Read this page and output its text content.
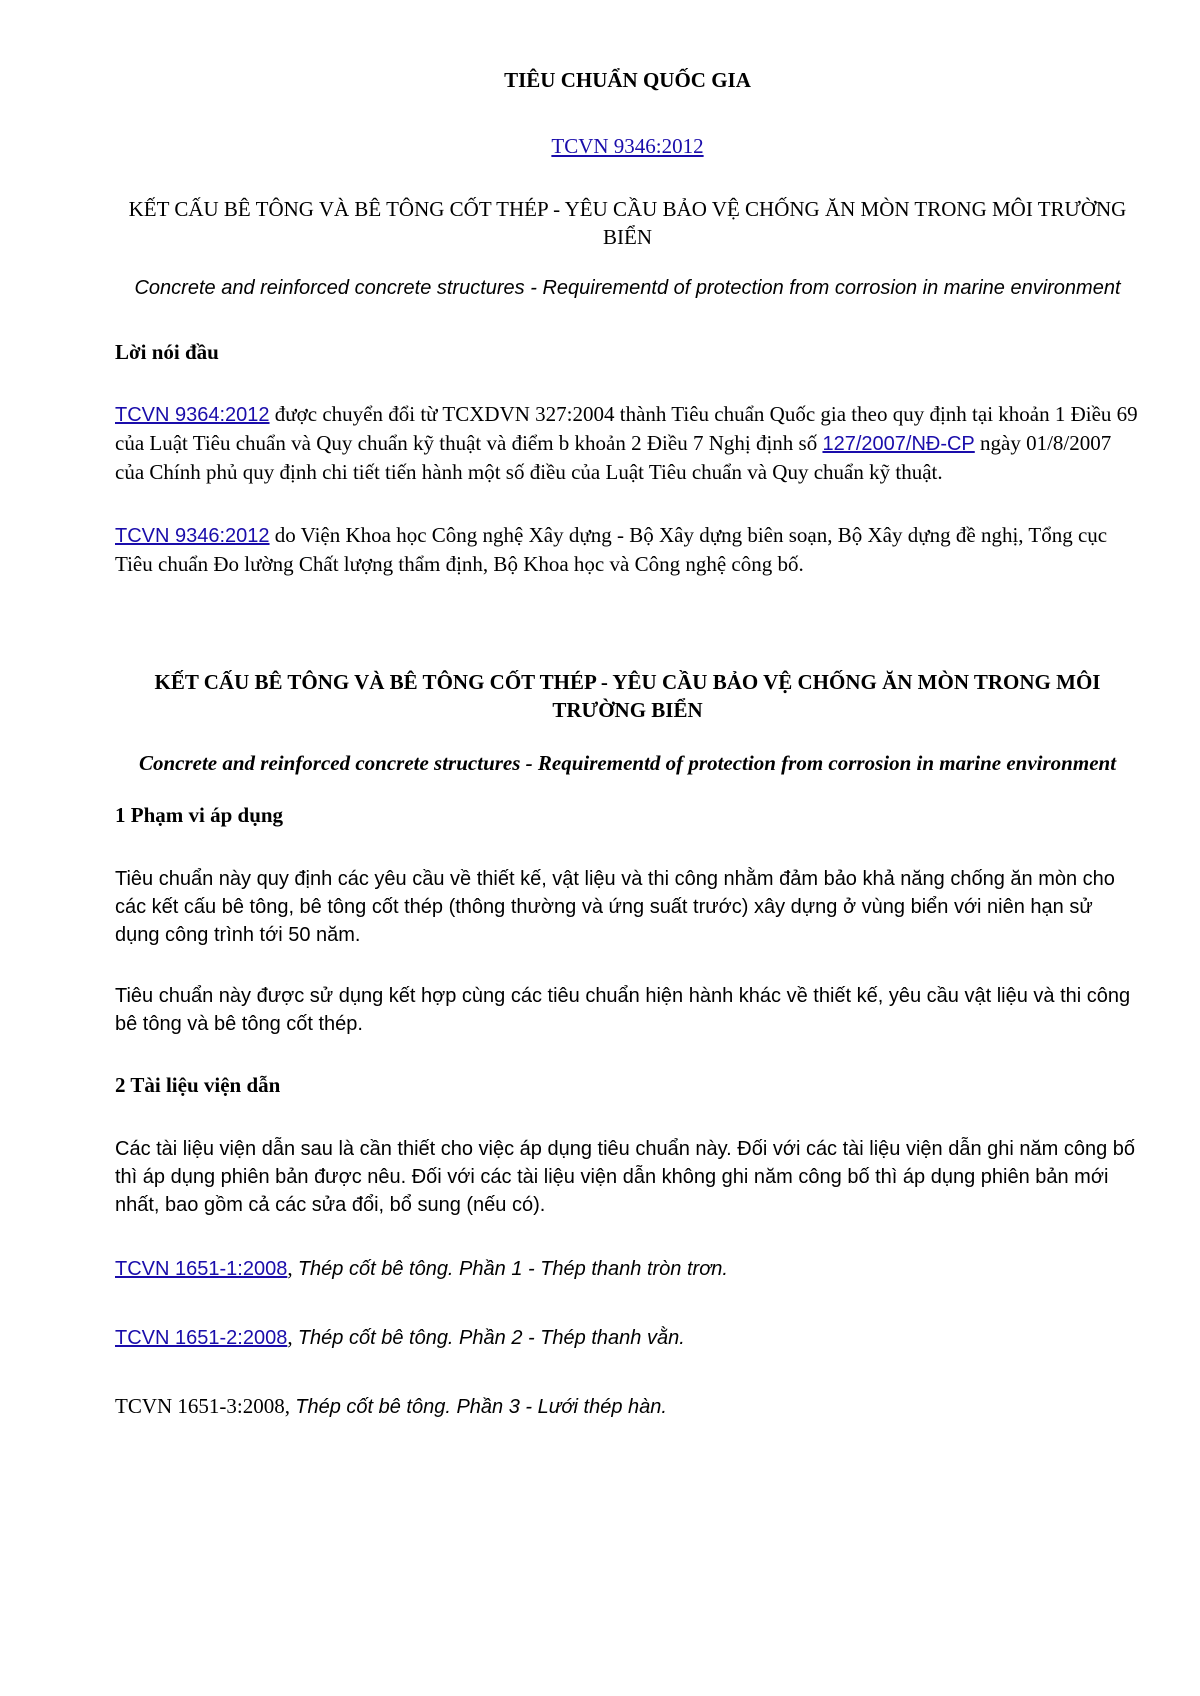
TIÊU CHUẨN QUỐC GIA

TCVN 9346:2012

KẾT CẤU BÊ TÔNG VÀ BÊ TÔNG CỐT THÉP - YÊU CẦU BẢO VỆ CHỐNG ĂN MÒN TRONG MÔI TRƯỜNG BIỂN

Concrete and reinforced concrete structures - Requirementd of protection from corrosion in marine environment

Lời nói đầu

TCVN 9364:2012 được chuyển đổi từ TCXDVN 327:2004 thành Tiêu chuẩn Quốc gia theo quy định tại khoản 1 Điều 69 của Luật Tiêu chuẩn và Quy chuẩn kỹ thuật và điểm b khoản 2 Điều 7 Nghị định số 127/2007/NĐ-CP ngày 01/8/2007 của Chính phủ quy định chi tiết tiến hành một số điều của Luật Tiêu chuẩn và Quy chuẩn kỹ thuật.

TCVN 9346:2012 do Viện Khoa học Công nghệ Xây dựng - Bộ Xây dựng biên soạn, Bộ Xây dựng đề nghị, Tổng cục Tiêu chuẩn Đo lường Chất lượng thẩm định, Bộ Khoa học và Công nghệ công bố.

KẾT CẤU BÊ TÔNG VÀ BÊ TÔNG CỐT THÉP - YÊU CẦU BẢO VỆ CHỐNG ĂN MÒN TRONG MÔI TRƯỜNG BIỂN

Concrete and reinforced concrete structures - Requirementd of protection from corrosion in marine environment

1 Phạm vi áp dụng

Tiêu chuẩn này quy định các yêu cầu về thiết kế, vật liệu và thi công nhằm đảm bảo khả năng chống ăn mòn cho các kết cấu bê tông, bê tông cốt thép (thông thường và ứng suất trước) xây dựng ở vùng biển với niên hạn sử dụng công trình tới 50 năm.

Tiêu chuẩn này được sử dụng kết hợp cùng các tiêu chuẩn hiện hành khác về thiết kế, yêu cầu vật liệu và thi công bê tông và bê tông cốt thép.

2 Tài liệu viện dẫn

Các tài liệu viện dẫn sau là cần thiết cho việc áp dụng tiêu chuẩn này. Đối với các tài liệu viện dẫn ghi năm công bố thì áp dụng phiên bản được nêu. Đối với các tài liệu viện dẫn không ghi năm công bố thì áp dụng phiên bản mới nhất, bao gồm cả các sửa đổi, bổ sung (nếu có).

TCVN 1651-1:2008, Thép cốt bê tông. Phần 1 - Thép thanh tròn trơn.

TCVN 1651-2:2008, Thép cốt bê tông. Phần 2 - Thép thanh vằn.

TCVN 1651-3:2008, Thép cốt bê tông. Phần 3 - Lưới thép hàn.
